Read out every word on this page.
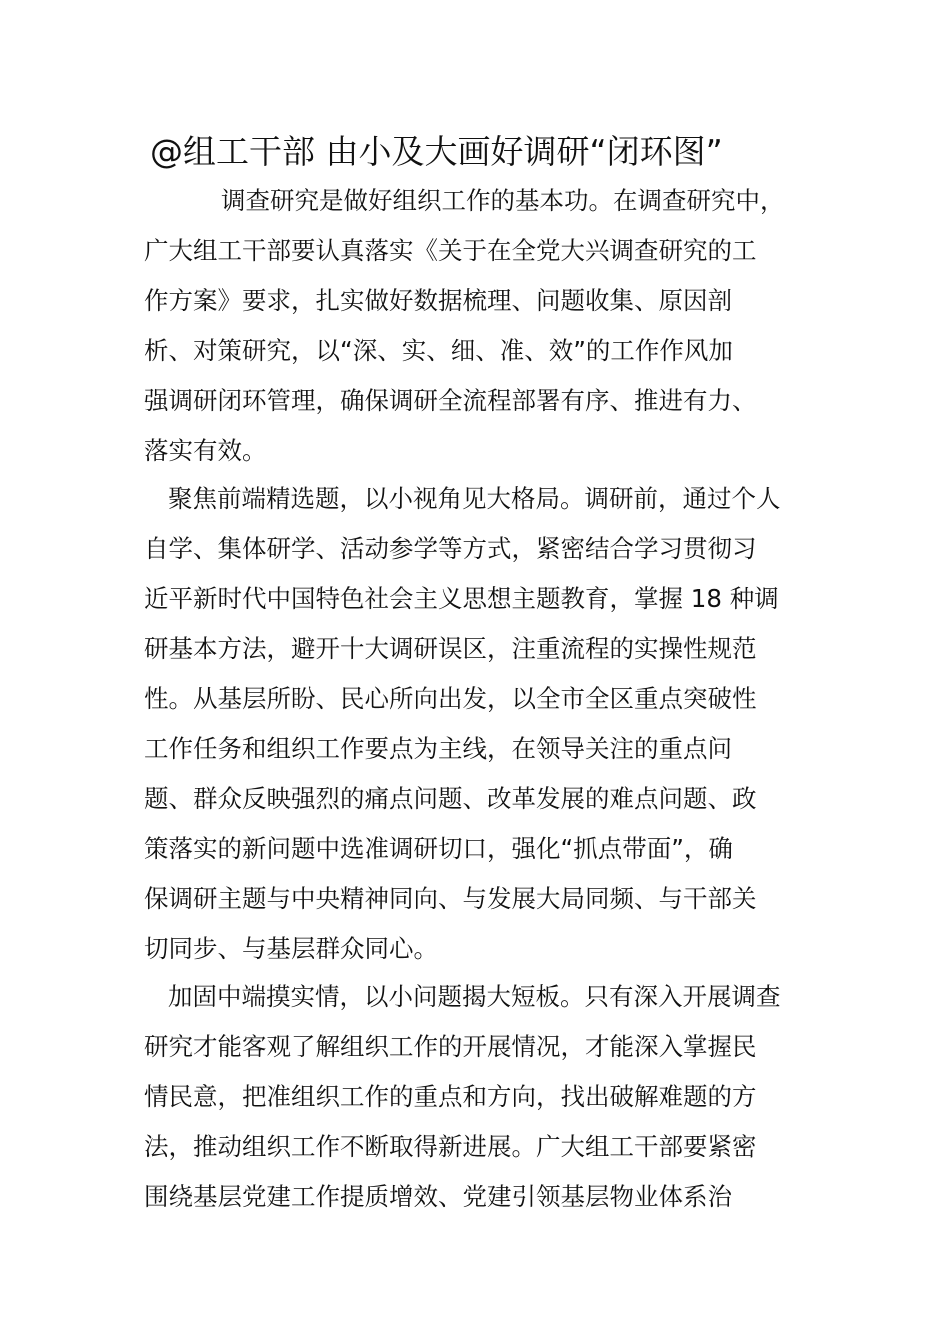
@组工干部 由小及大画好调研“闭环图”
调查研究是做好组织工作的基本功。在调查研究中，
广大组工干部要认真落实《关于在全党大兴调查研究的工
作方案》要求，扎实做好数据梳理、问题收集、原因剖
析、对策研究，以“深、实、细、准、效”的工作作风加
强调研闭环管理，确保调研全流程部署有序、推进有力、
落实有效。
聚焦前端精选题，以小视角见大格局。调研前，通过个人
自学、集体研学、活动参学等方式，紧密结合学习贯彻习
近平新时代中国特色社会主义思想主题教育，掌握 18 种调
研基本方法，避开十大调研误区，注重流程的实操性规范
性。从基层所盼、民心所向出发，以全市全区重点突破性
工作任务和组织工作要点为主线，在领导关注的重点问
题、群众反映强烈的痛点问题、改革发展的难点问题、政
策落实的新问题中选准调研切口，强化“抓点带面”，确
保调研主题与中央精神同向、与发展大局同频、与干部关
切同步、与基层群众同心。
加固中端摸实情，以小问题揭大短板。只有深入开展调查
研究才能客观了解组织工作的开展情况，才能深入掌握民
情民意，把准组织工作的重点和方向，找出破解难题的方
法，推动组织工作不断取得新进展。广大组工干部要紧密
围绕基层党建工作提质增效、党建引领基层物业体系治
